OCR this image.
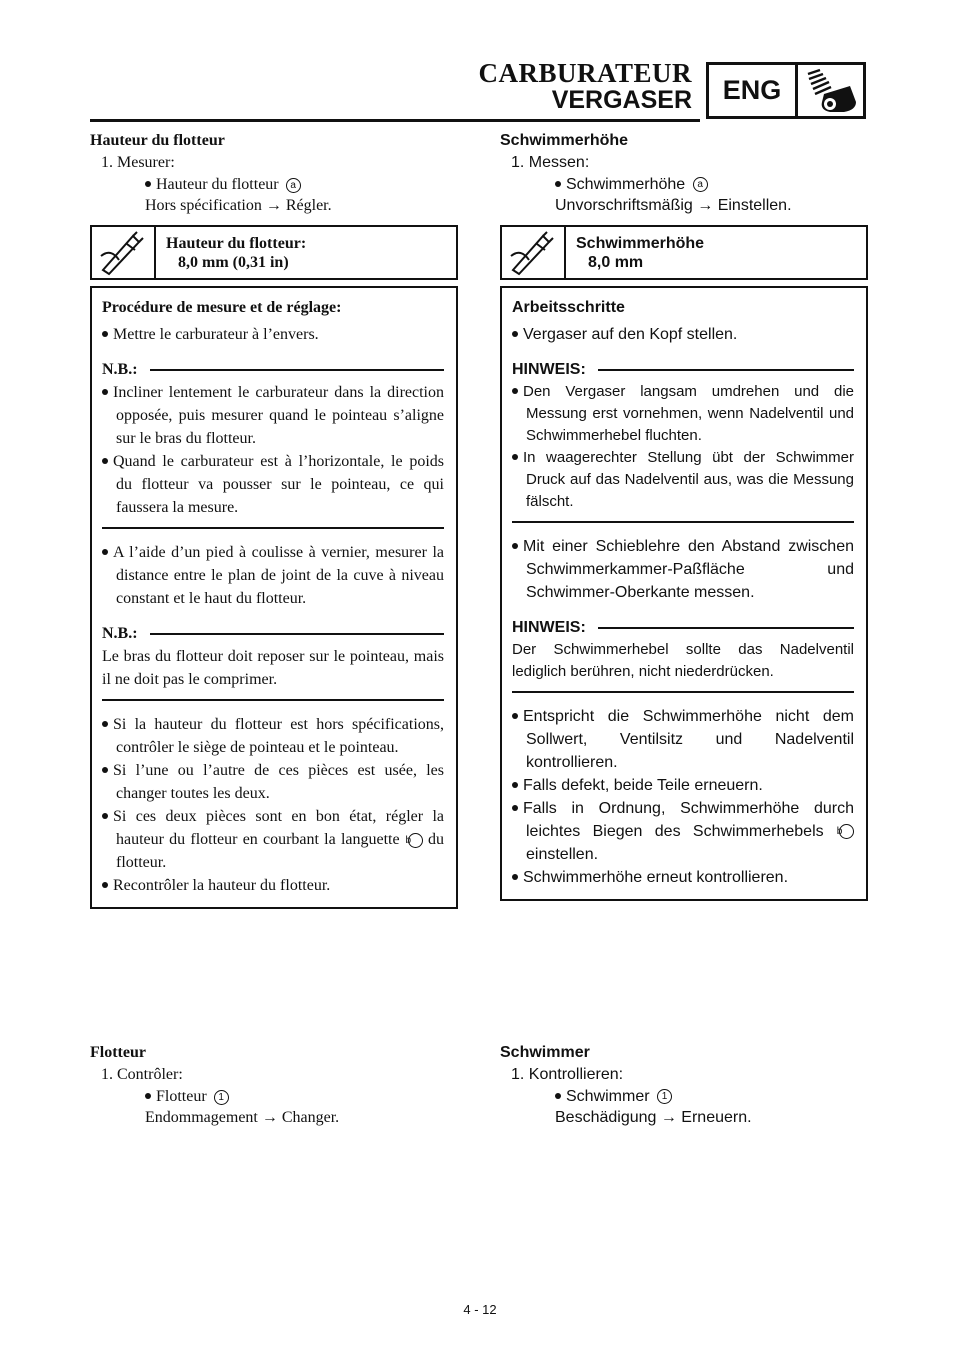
CARBURATEUR
VERGASER	ENG
Hauteur du flotteur
1. Mesurer:
Hauteur du flotteur a
Hors spécification → Régler.
Hauteur du flotteur:
8,0 mm (0,31 in)
Procédure de mesure et de réglage:
Mettre le carburateur à l’envers.
N.B.:
Incliner lentement le carburateur dans la direction opposée, puis mesurer quand le pointeau s’aligne sur le bras du flotteur.
Quand le carburateur est à l’horizontale, le poids du flotteur va pousser sur le pointeau, ce qui faussera la mesure.
A l’aide d’un pied à coulisse à vernier, mesurer la distance entre le plan de joint de la cuve à niveau constant et le haut du flotteur.
N.B.:
Le bras du flotteur doit reposer sur le pointeau, mais il ne doit pas le comprimer.
Si la hauteur du flotteur est hors spécifications, contrôler le siège de pointeau et le pointeau.
Si l’une ou l’autre de ces pièces est usée, les changer toutes les deux.
Si ces deux pièces sont en bon état, régler la hauteur du flotteur en courbant la languette b du flotteur.
Recontrôler la hauteur du flotteur.
Schwimmerhöhe
1. Messen:
Schwimmerhöhe a
Unvorschriftsmäßig → Einstellen.
Schwimmerhöhe
8,0 mm
Arbeitsschritte
Vergaser auf den Kopf stellen.
HINWEIS:
Den Vergaser langsam umdrehen und die Messung erst vornehmen, wenn Nadelventil und Schwimmerhebel fluchten.
In waagerechter Stellung übt der Schwimmer Druck auf das Nadelventil aus, was die Messung fälscht.
Mit einer Schieblehre den Abstand zwischen Schwimmerkammer-Paßfläche und Schwimmer-Oberkante messen.
HINWEIS:
Der Schwimmerhebel sollte das Nadelventil lediglich berühren, nicht niederdrücken.
Entspricht die Schwimmerhöhe nicht dem Sollwert, Ventilsitz und Nadelventil kontrollieren.
Falls defekt, beide Teile erneuern.
Falls in Ordnung, Schwimmerhöhe durch leichtes Biegen des Schwimmerhebels b einstellen.
Schwimmerhöhe erneut kontrollieren.
Flotteur
1. Contrôler:
Flotteur 1
Endommagement → Changer.
Schwimmer
1. Kontrollieren:
Schwimmer 1
Beschädigung → Erneuern.
4 - 12
